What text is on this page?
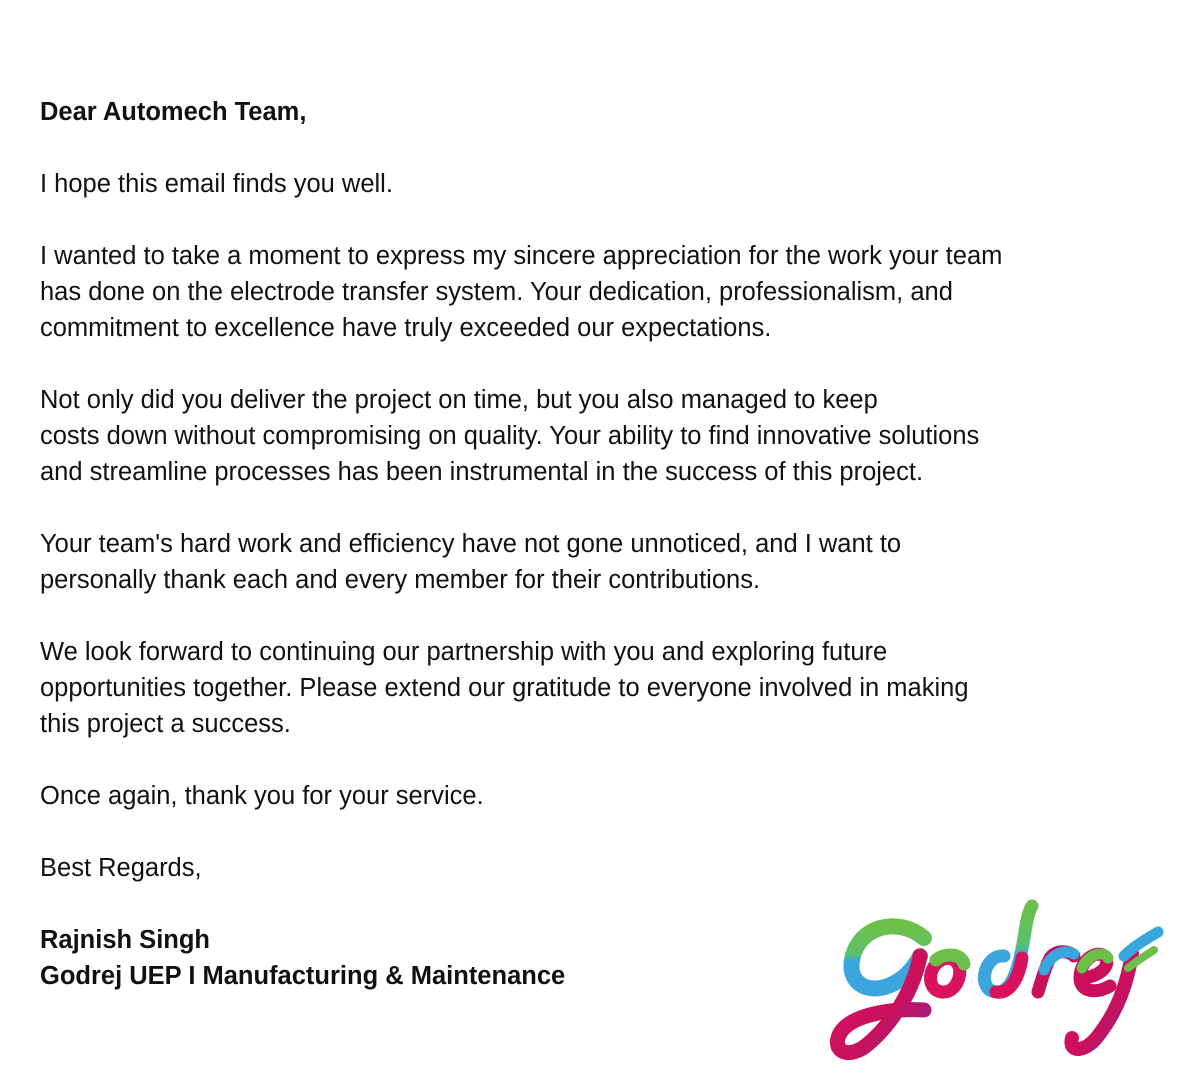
Dear Automech Team,

I hope this email finds you well.

I wanted to take a moment to express my sincere appreciation for the work your team
has done on the electrode transfer system. Your dedication, professionalism, and
commitment to excellence have truly exceeded our expectations.

Not only did you deliver the project on time, but you also managed to keep
costs down without compromising on quality. Your ability to find innovative solutions
and streamline processes has been instrumental in the success of this project.

Your team's hard work and efficiency have not gone unnoticed, and I want to
personally thank each and every member for their contributions.

We look forward to continuing our partnership with you and exploring future
opportunities together. Please extend our gratitude to everyone involved in making
this project a success.

Once again, thank you for your service.

Best Regards,

Rajnish Singh
Godrej UEP I Manufacturing & Maintenance
